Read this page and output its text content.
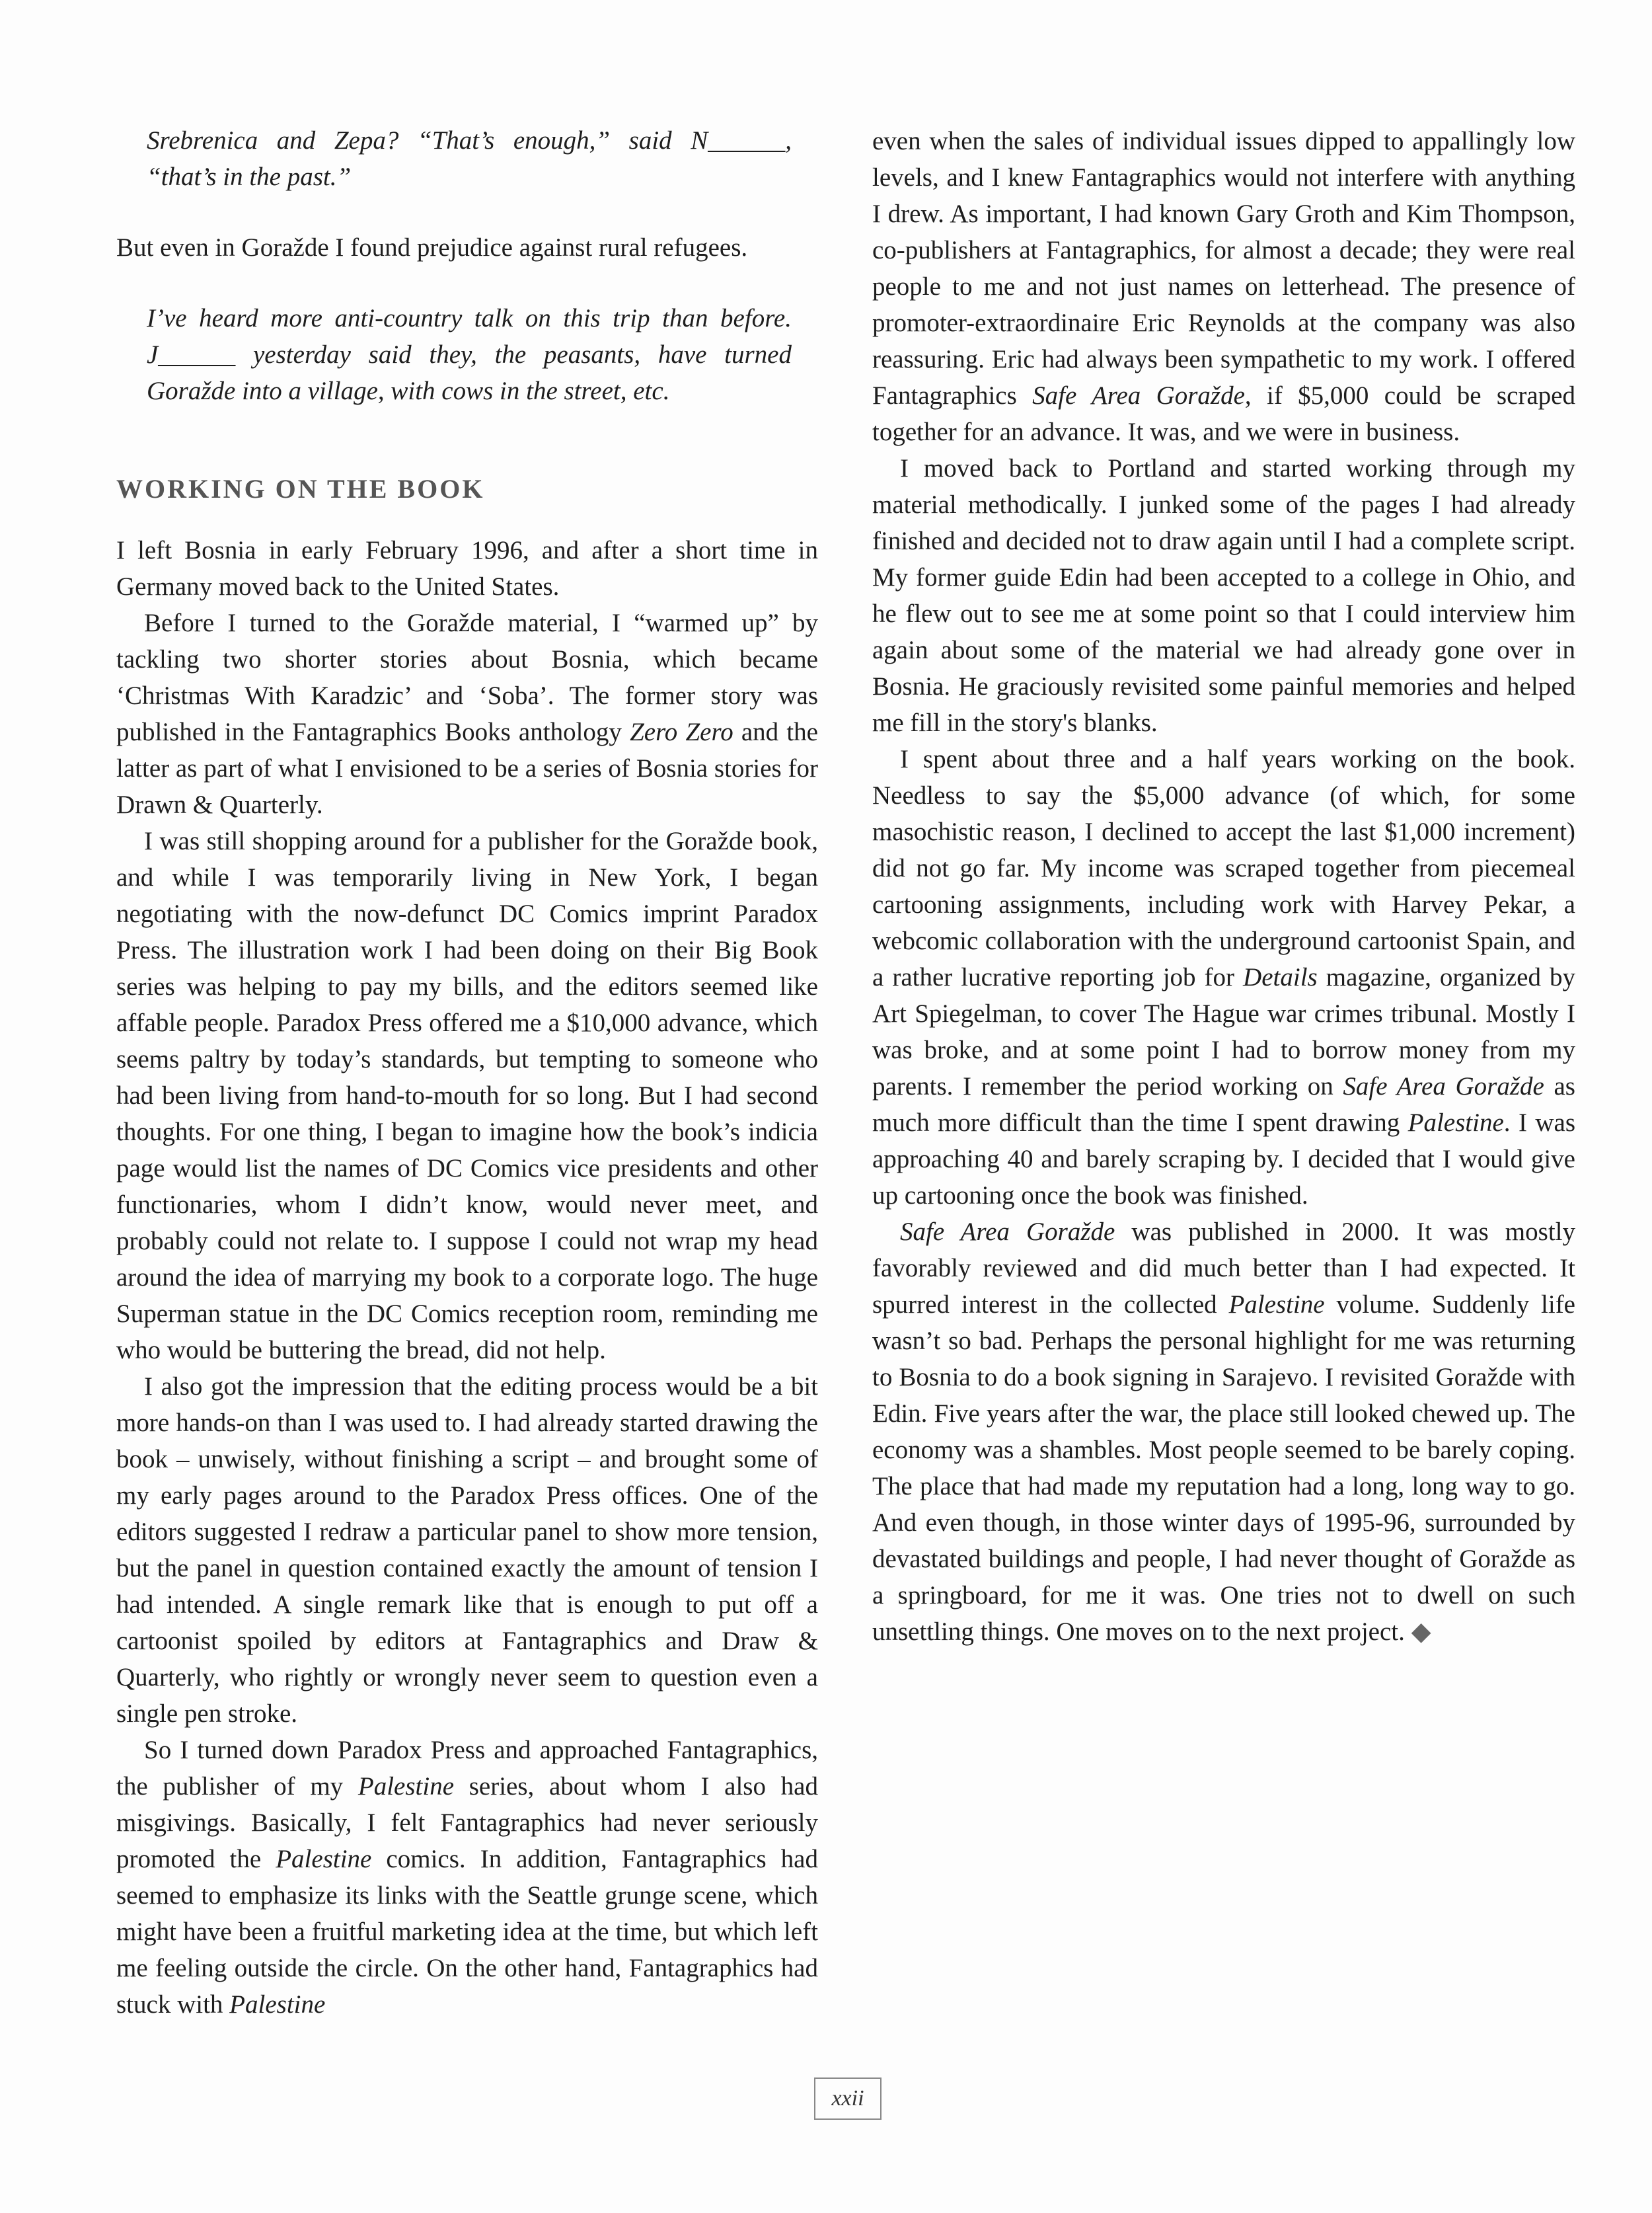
Srebrenica and Zepa? “That’s enough,” said N______, “that’s in the past.”

But even in Goražde I found prejudice against rural refugees.

I’ve heard more anti-country talk on this trip than before. J______ yesterday said they, the peasants, have turned Goražde into a village, with cows in the street, etc.

WORKING ON THE BOOK

I left Bosnia in early February 1996, and after a short time in Germany moved back to the United States.

Before I turned to the Goražde material, I “warmed up” by tackling two shorter stories about Bosnia, which became ‘Christmas With Karadzic’ and ‘Soba’. The former story was published in the Fantagraphics Books anthology Zero Zero and the latter as part of what I envisioned to be a series of Bosnia stories for Drawn & Quarterly.

I was still shopping around for a publisher for the Goražde book, and while I was temporarily living in New York, I began negotiating with the now-defunct DC Comics imprint Paradox Press. The illustration work I had been doing on their Big Book series was helping to pay my bills, and the editors seemed like affable people. Paradox Press offered me a $10,000 advance, which seems paltry by today’s standards, but tempting to someone who had been living from hand-to-mouth for so long. But I had second thoughts. For one thing, I began to imagine how the book’s indicia page would list the names of DC Comics vice presidents and other functionaries, whom I didn’t know, would never meet, and probably could not relate to. I suppose I could not wrap my head around the idea of marrying my book to a corporate logo. The huge Superman statue in the DC Comics reception room, reminding me who would be buttering the bread, did not help.

I also got the impression that the editing process would be a bit more hands-on than I was used to. I had already started drawing the book – unwisely, without finishing a script – and brought some of my early pages around to the Paradox Press offices. One of the editors suggested I redraw a particular panel to show more tension, but the panel in question contained exactly the amount of tension I had intended. A single remark like that is enough to put off a cartoonist spoiled by editors at Fantagraphics and Draw & Quarterly, who rightly or wrongly never seem to question even a single pen stroke.

So I turned down Paradox Press and approached Fantagraphics, the publisher of my Palestine series, about whom I also had misgivings. Basically, I felt Fantagraphics had never seriously promoted the Palestine comics. In addition, Fantagraphics had seemed to emphasize its links with the Seattle grunge scene, which might have been a fruitful marketing idea at the time, but which left me feeling outside the circle. On the other hand, Fantagraphics had stuck with Palestine

even when the sales of individual issues dipped to appallingly low levels, and I knew Fantagraphics would not interfere with anything I drew. As important, I had known Gary Groth and Kim Thompson, co-publishers at Fantagraphics, for almost a decade; they were real people to me and not just names on letterhead. The presence of promoter-extraordinaire Eric Reynolds at the company was also reassuring. Eric had always been sympathetic to my work. I offered Fantagraphics Safe Area Goražde, if $5,000 could be scraped together for an advance. It was, and we were in business.

I moved back to Portland and started working through my material methodically. I junked some of the pages I had already finished and decided not to draw again until I had a complete script. My former guide Edin had been accepted to a college in Ohio, and he flew out to see me at some point so that I could interview him again about some of the material we had already gone over in Bosnia. He graciously revisited some painful memories and helped me fill in the story's blanks.

I spent about three and a half years working on the book. Needless to say the $5,000 advance (of which, for some masochistic reason, I declined to accept the last $1,000 increment) did not go far. My income was scraped together from piecemeal cartooning assignments, including work with Harvey Pekar, a webcomic collaboration with the underground cartoonist Spain, and a rather lucrative reporting job for Details magazine, organized by Art Spiegelman, to cover The Hague war crimes tribunal. Mostly I was broke, and at some point I had to borrow money from my parents. I remember the period working on Safe Area Goražde as much more difficult than the time I spent drawing Palestine. I was approaching 40 and barely scraping by. I decided that I would give up cartooning once the book was finished.

Safe Area Goražde was published in 2000. It was mostly favorably reviewed and did much better than I had expected. It spurred interest in the collected Palestine volume. Suddenly life wasn’t so bad. Perhaps the personal highlight for me was returning to Bosnia to do a book signing in Sarajevo. I revisited Goražde with Edin. Five years after the war, the place still looked chewed up. The economy was a shambles. Most people seemed to be barely coping. The place that had made my reputation had a long, long way to go. And even though, in those winter days of 1995-96, surrounded by devastated buildings and people, I had never thought of Goražde as a springboard, for me it was. One tries not to dwell on such unsettling things. One moves on to the next project. ◆

xxii
